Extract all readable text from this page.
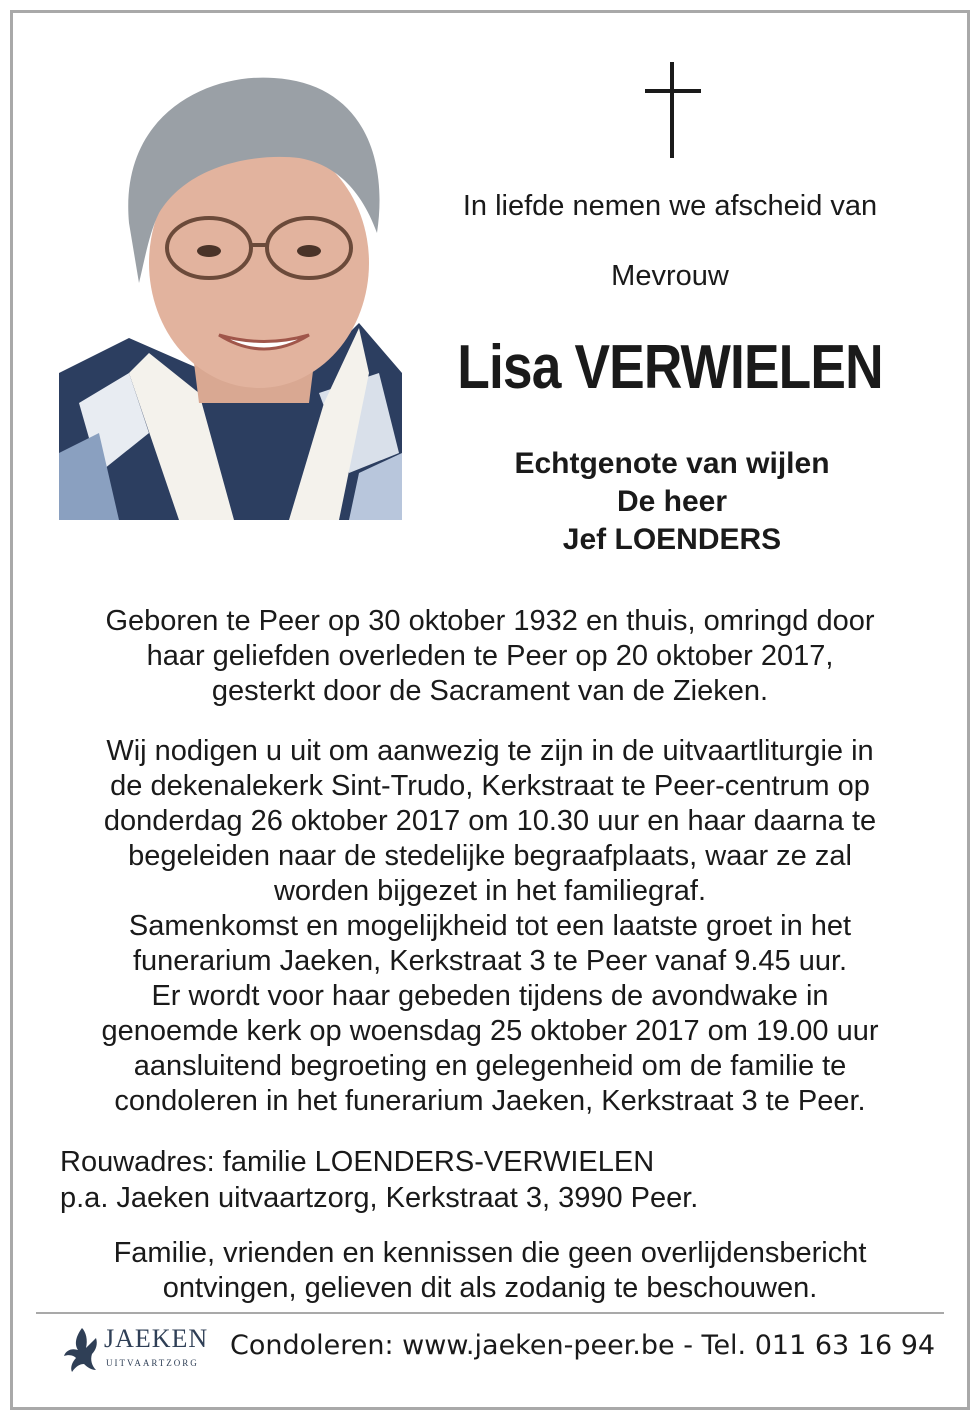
In liefde nemen we afscheid van
Mevrouw
Lisa VERWIELEN
Echtgenote van wijlen
De heer
Jef LOENDERS
Geboren te Peer op 30 oktober 1932 en thuis, omringd door
haar geliefden overleden te Peer op 20 oktober 2017,
gesterkt door de Sacrament van de Zieken.
Wij nodigen u uit om aanwezig te zijn in de uitvaartliturgie in
de dekenalekerk Sint-Trudo, Kerkstraat te Peer-centrum op
donderdag 26 oktober 2017 om 10.30 uur en haar daarna te
begeleiden naar de stedelijke begraafplaats, waar ze zal
worden bijgezet in het familiegraf.
Samenkomst en mogelijkheid tot een laatste groet in het
funerarium Jaeken, Kerkstraat 3 te Peer vanaf 9.45 uur.
Er wordt voor haar gebeden tijdens de avondwake in
genoemde kerk op woensdag 25 oktober 2017 om 19.00 uur
aansluitend begroeting en gelegenheid om de familie te
condoleren in het funerarium Jaeken, Kerkstraat 3 te Peer.
Rouwadres: familie LOENDERS-VERWIELEN
p.a. Jaeken uitvaartzorg, Kerkstraat 3, 3990 Peer.
Familie, vrienden en kennissen die geen overlijdensbericht
ontvingen, gelieven dit als zodanig te beschouwen.
JAEKEN
UITVAARTZORG
Condoleren: www.jaeken-peer.be - Tel. 011 63 16 94
